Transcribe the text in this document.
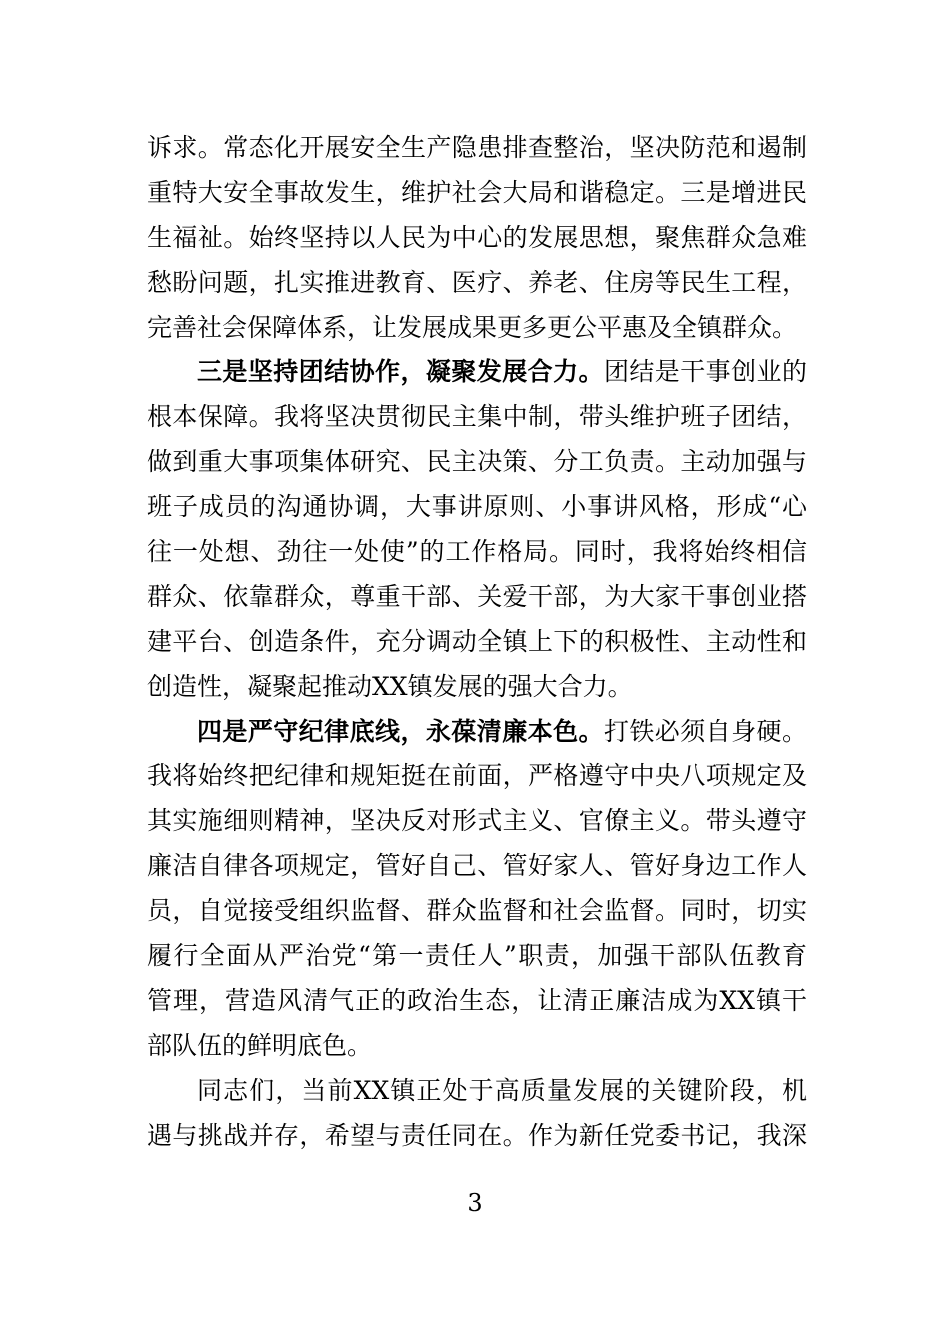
诉求。常态化开展安全生产隐患排查整治，坚决防范和遏制
重特大安全事故发生，维护社会大局和谐稳定。三是增进民
生福祉。始终坚持以人民为中心的发展思想，聚焦群众急难
愁盼问题，扎实推进教育、医疗、养老、住房等民生工程，
完善社会保障体系，让发展成果更多更公平惠及全镇群众。
三是坚持团结协作，凝聚发展合力。团结是干事创业的
根本保障。我将坚决贯彻民主集中制，带头维护班子团结，
做到重大事项集体研究、民主决策、分工负责。主动加强与
班子成员的沟通协调，大事讲原则、小事讲风格，形成“心
往一处想、劲往一处使”的工作格局。同时，我将始终相信
群众、依靠群众，尊重干部、关爱干部，为大家干事创业搭
建平台、创造条件，充分调动全镇上下的积极性、主动性和
创造性，凝聚起推动XX镇发展的强大合力。
四是严守纪律底线，永葆清廉本色。打铁必须自身硬。
我将始终把纪律和规矩挺在前面，严格遵守中央八项规定及
其实施细则精神，坚决反对形式主义、官僚主义。带头遵守
廉洁自律各项规定，管好自己、管好家人、管好身边工作人
员，自觉接受组织监督、群众监督和社会监督。同时，切实
履行全面从严治党“第一责任人”职责，加强干部队伍教育
管理，营造风清气正的政治生态，让清正廉洁成为XX镇干
部队伍的鲜明底色。
同志们，当前XX镇正处于高质量发展的关键阶段，机
遇与挑战并存，希望与责任同在。作为新任党委书记，我深
3
